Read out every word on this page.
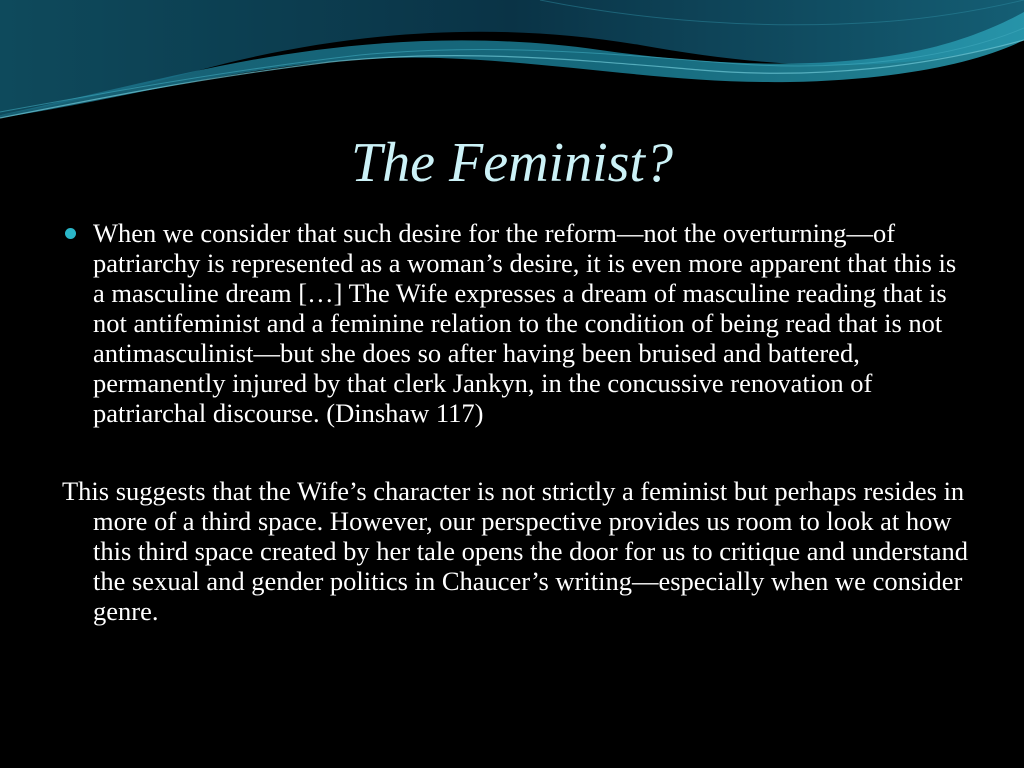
The Feminist?

When we consider that such desire for the reform—not the overturning—of patriarchy is represented as a woman’s desire, it is even more apparent that this is a masculine dream […] The Wife expresses a dream of masculine reading that is not antifeminist and a feminine relation to the condition of being read that is not antimasculinist—but she does so after having been bruised and battered, permanently injured by that clerk Jankyn, in the concussive renovation of patriarchal discourse. (Dinshaw 117)

This suggests that the Wife’s character is not strictly a feminist but perhaps resides in more of a third space. However, our perspective provides us room to look at how this third space created by her tale opens the door for us to critique and understand the sexual and gender politics in Chaucer’s writing—especially when we consider genre.
